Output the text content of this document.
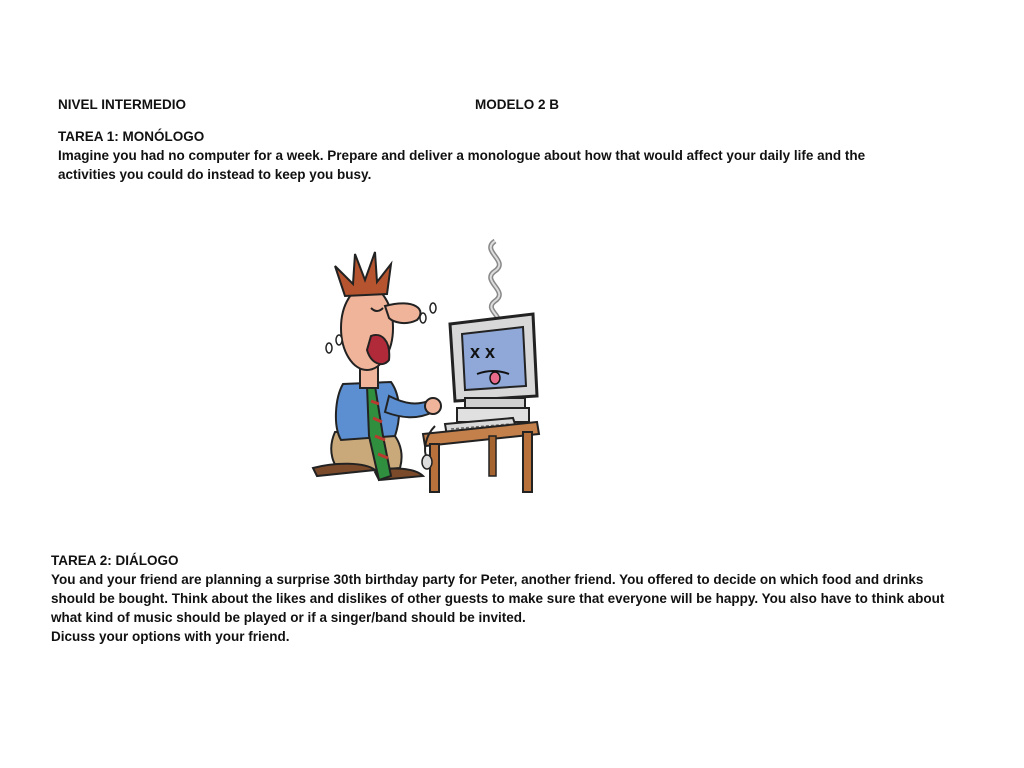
NIVEL INTERMEDIO	MODELO 2 B

TAREA 1: MONÓLOGO
Imagine you had no computer for a week. Prepare and deliver a monologue about how that would affect your daily life and the activities you could do instead to keep you busy.
x x
TAREA 2: DIÁLOGO
You and your friend are planning a surprise 30th birthday party for Peter, another friend. You offered to decide on which food and drinks should be bought. Think about the likes and dislikes of other guests to make sure that everyone will be happy. You also have to think about what kind of music should be played or if a singer/band should be invited.
Dicuss your options with your friend.
